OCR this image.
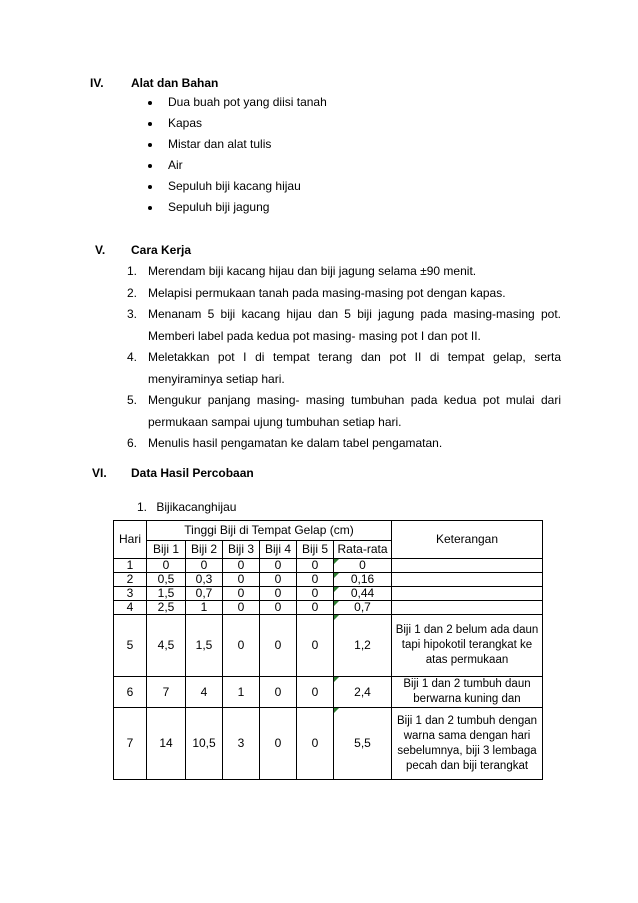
IV. Alat dan Bahan
Dua buah pot yang diisi tanah
Kapas
Mistar dan alat tulis
Air
Sepuluh biji kacang hijau
Sepuluh biji jagung
V. Cara Kerja
1. Merendam biji kacang hijau dan biji jagung selama ±90 menit.
2. Melapisi permukaan tanah pada masing-masing pot dengan kapas.
3. Menanam 5 biji kacang hijau dan 5 biji jagung pada masing-masing pot. Memberi label pada kedua pot masing- masing pot I dan pot II.
4. Meletakkan pot I di tempat terang dan pot II di tempat gelap, serta menyiraminya setiap hari.
5. Mengukur panjang masing- masing tumbuhan pada kedua pot mulai dari permukaan sampai ujung tumbuhan setiap hari.
6. Menulis hasil pengamatan ke dalam tabel pengamatan.
VI. Data Hasil Percobaan
1. Bijikacanghijau
Hari	Tinggi Biji di Tempat Gelap (cm)						Keterangan
	Biji 1	Biji 2	Biji 3	Biji 4	Biji 5	Rata-rata	
1	0	0	0	0	0	0	
2	0,5	0,3	0	0	0	0,16	
3	1,5	0,7	0	0	0	0,44	
4	2,5	1	0	0	0	0,7	
5	4,5	1,5	0	0	0	1,2	Biji 1 dan 2 belum ada daun tapi hipokotil terangkat ke atas permukaan
6	7	4	1	0	0	2,4	Biji 1 dan 2 tumbuh daun berwarna kuning dan
7	14	10,5	3	0	0	5,5	Biji 1 dan 2 tumbuh dengan warna sama dengan hari sebelumnya, biji 3 lembaga pecah dan biji terangkat
